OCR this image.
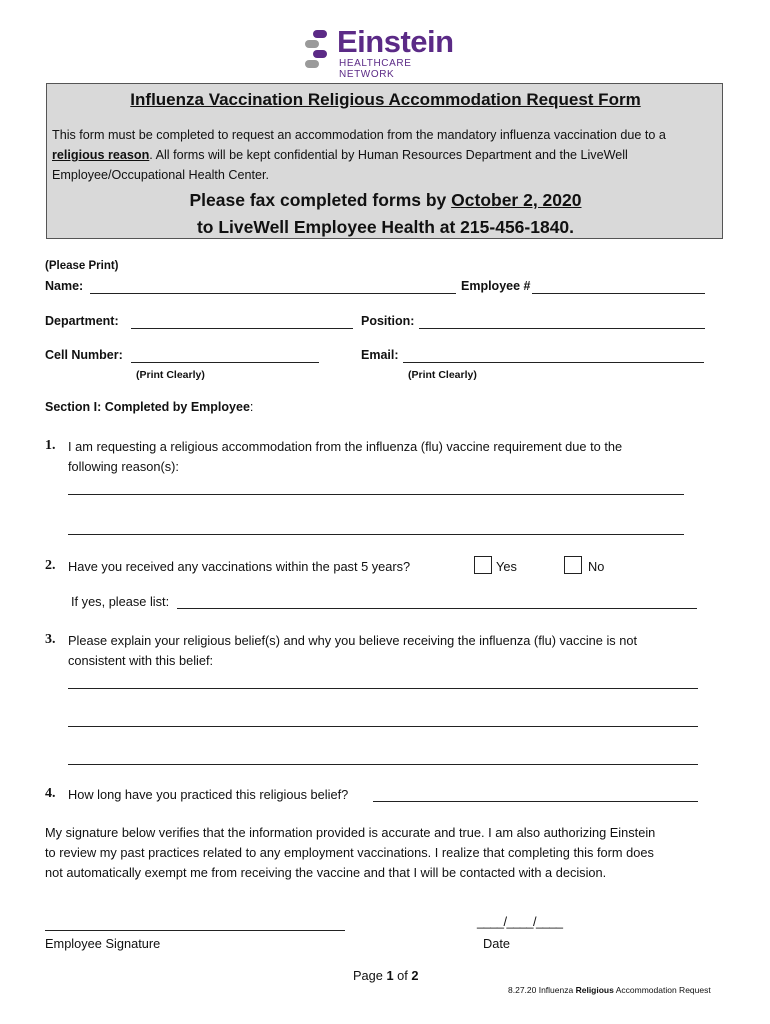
Einstein
HEALTHCARE NETWORK
Influenza Vaccination Religious Accommodation Request Form
This form must be completed to request an accommodation from the mandatory influenza vaccination due to a religious reason. All forms will be kept confidential by Human Resources Department and the LiveWell Employee/Occupational Health Center.
Please fax completed forms by October 2, 2020
to LiveWell Employee Health at 215-456-1840.
(Please Print)
Name:	Employee #
Department:	Position:
Cell Number:	Email:
(Print Clearly)	(Print Clearly)
Section I: Completed by Employee:
1. I am requesting a religious accommodation from the influenza (flu) vaccine requirement due to the
following reason(s):
2. Have you received any vaccinations within the past 5 years?	Yes	No
If yes, please list:
3. Please explain your religious belief(s) and why you believe receiving the influenza (flu) vaccine is not
consistent with this belief:
4. How long have you practiced this religious belief?
My signature below verifies that the information provided is accurate and true. I am also authorizing Einstein
to review my past practices related to any employment vaccinations. I realize that completing this form does
not automatically exempt me from receiving the vaccine and that I will be contacted with a decision.
Employee Signature
____/____/____
Date
Page 1 of 2
8.27.20 Influenza Religious Accommodation Request
